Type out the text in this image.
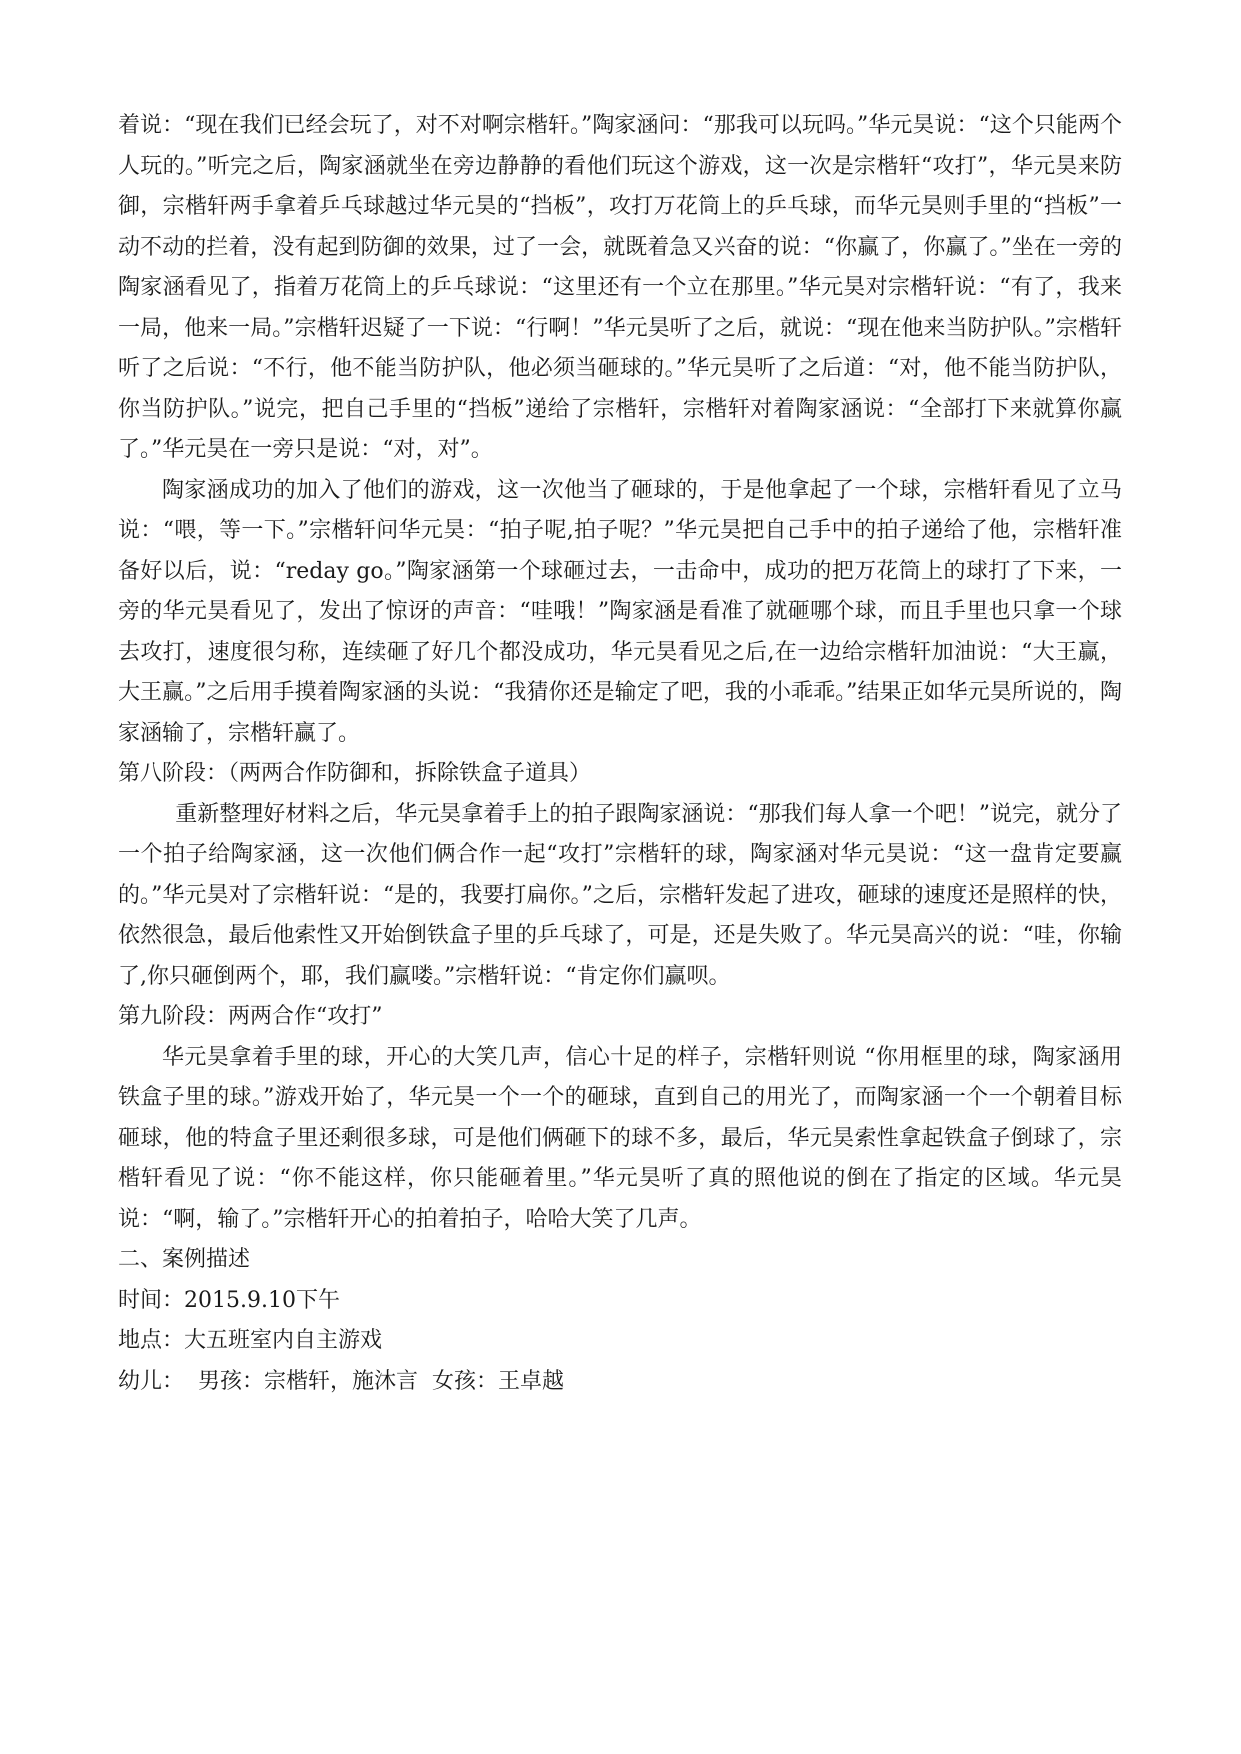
着说：“现在我们已经会玩了，对不对啊宗楷轩。”陶家涵问：“那我可以玩吗。”华元昊说：“这个只能两个人玩的。”听完之后，陶家涵就坐在旁边静静的看他们玩这个游戏，这一次是宗楷轩“攻打”，华元昊来防御，宗楷轩两手拿着乒乓球越过华元昊的“挡板”，攻打万花筒上的乒乓球，而华元昊则手里的“挡板”一动不动的拦着，没有起到防御的效果，过了一会，就既着急又兴奋的说：“你赢了，你赢了。”坐在一旁的陶家涵看见了，指着万花筒上的乒乓球说：“这里还有一个立在那里。”华元昊对宗楷轩说：“有了，我来一局，他来一局。”宗楷轩迟疑了一下说：“行啊！”华元昊听了之后，就说：“现在他来当防护队。”宗楷轩听了之后说：“不行，他不能当防护队，他必须当砸球的。”华元昊听了之后道：“对，他不能当防护队，你当防护队。”说完，把自己手里的“挡板”递给了宗楷轩，宗楷轩对着陶家涵说：“全部打下来就算你赢了。”华元昊在一旁只是说：“对，对”。

陶家涵成功的加入了他们的游戏，这一次他当了砸球的，于是他拿起了一个球，宗楷轩看见了立马说：“喂，等一下。”宗楷轩问华元昊：“拍子呢,拍子呢？”华元昊把自己手中的拍子递给了他，宗楷轩准备好以后，说：“reday go。”陶家涵第一个球砸过去，一击命中，成功的把万花筒上的球打了下来，一旁的华元昊看见了，发出了惊讶的声音：“哇哦！”陶家涵是看准了就砸哪个球，而且手里也只拿一个球去攻打，速度很匀称，连续砸了好几个都没成功，华元昊看见之后,在一边给宗楷轩加油说：“大王赢，大王赢。”之后用手摸着陶家涵的头说：“我猜你还是输定了吧，我的小乖乖。”结果正如华元昊所说的，陶家涵输了，宗楷轩赢了。

第八阶段：（两两合作防御和，拆除铁盒子道具）

重新整理好材料之后，华元昊拿着手上的拍子跟陶家涵说：“那我们每人拿一个吧！”说完，就分了一个拍子给陶家涵，这一次他们俩合作一起“攻打”宗楷轩的球，陶家涵对华元昊说：“这一盘肯定要赢的。”华元昊对了宗楷轩说：“是的，我要打扁你。”之后，宗楷轩发起了进攻，砸球的速度还是照样的快，依然很急，最后他索性又开始倒铁盒子里的乒乓球了，可是，还是失败了。华元昊高兴的说：“哇，你输了,你只砸倒两个，耶，我们赢喽。”宗楷轩说：“肯定你们赢呗。

第九阶段：两两合作“攻打”

华元昊拿着手里的球，开心的大笑几声，信心十足的样子，宗楷轩则说 “你用框里的球，陶家涵用铁盒子里的球。”游戏开始了，华元昊一个一个的砸球，直到自己的用光了，而陶家涵一个一个朝着目标砸球，他的特盒子里还剩很多球，可是他们俩砸下的球不多，最后，华元昊索性拿起铁盒子倒球了，宗楷轩看见了说：“你不能这样，你只能砸着里。”华元昊听了真的照他说的倒在了指定的区域。华元昊说：“啊，输了。”宗楷轩开心的拍着拍子，哈哈大笑了几声。

二、案例描述

时间：2015.9.10下午

地点：大五班室内自主游戏

幼儿：  男孩：宗楷轩，施沐言  女孩：王卓越
